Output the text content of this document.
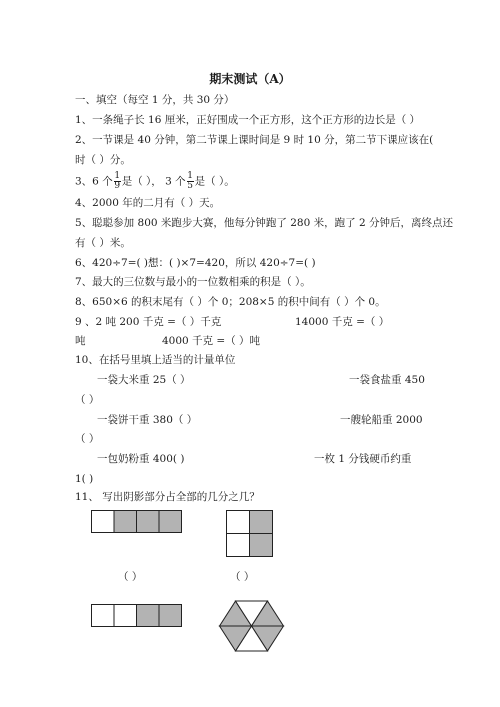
期末测试（A）
一、填空（每空 1 分，共 30 分）
1、一条绳子长 16 厘米，正好围成一个正方形，这个正方形的边长是（ ）
2、一节课是 40 分钟，第二节课上课时间是 9 时 10 分，第二节下课应该在(
时（ ）分。
3、6 个 $\frac{1}{9}$ 是（ ）， 3 个 $\frac{1}{5}$ 是（ ）。
4、2000 年的二月有（ ）天。
5、聪聪参加 800 米跑步大赛，他每分钟跑了 280 米，跑了 2 分钟后，离终点还
有（ ）米。
6、420÷7=( )想：( )×7=420，所以 420÷7=( )
7、最大的三位数与最小的一位数相乘的积是（ ）。
8、650×6 的积末尾有（ ）个 0；208×5 的积中间有（ ）个 0。
9 、2 吨 200 千克 =（ ）千克	14000 千克 =（ ）
吨	4000 千克 =（ ）吨
10、在括号里填上适当的计量单位
一袋大米重 25（ ）	一袋食盐重 450
（ ）
一袋饼干重 380（ ）	一艘轮船重 2000
（ ）
一包奶粉重 400( )	一枚 1 分钱硬币约重
1( )
11、 写出阴影部分占全部的几分之几？
（ ）	（ ）
